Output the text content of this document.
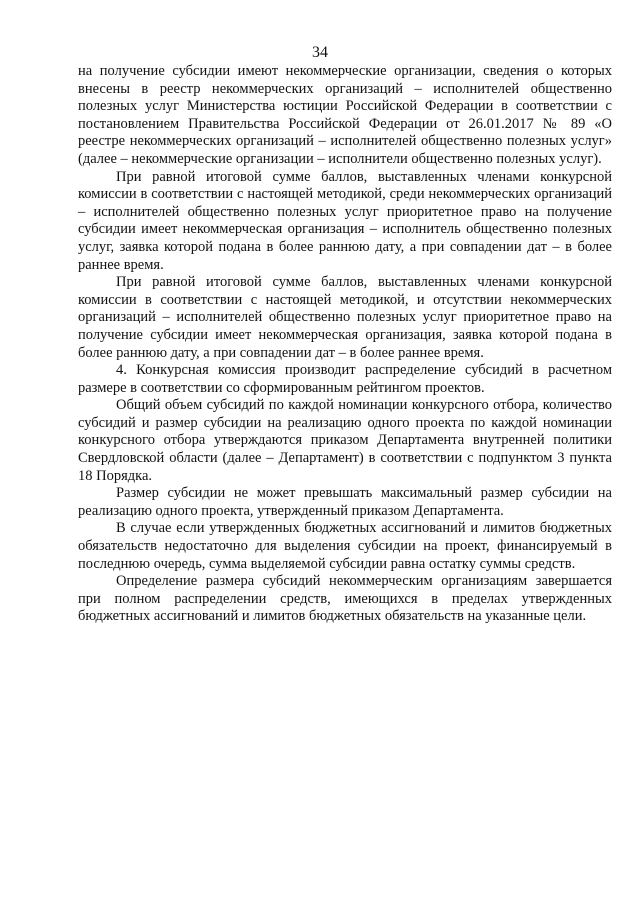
34

на получение субсидии имеют некоммерческие организации, сведения о которых внесены в реестр некоммерческих организаций – исполнителей общественно полезных услуг Министерства юстиции Российской Федерации в соответствии с постановлением Правительства Российской Федерации от 26.01.2017 № 89 «О реестре некоммерческих организаций – исполнителей общественно полезных услуг» (далее – некоммерческие организации – исполнители общественно полезных услуг).

При равной итоговой сумме баллов, выставленных членами конкурсной комиссии в соответствии с настоящей методикой, среди некоммерческих организаций – исполнителей общественно полезных услуг приоритетное право на получение субсидии имеет некоммерческая организация – исполнитель общественно полезных услуг, заявка которой подана в более раннюю дату, а при совпадении дат – в более раннее время.

При равной итоговой сумме баллов, выставленных членами конкурсной комиссии в соответствии с настоящей методикой, и отсутствии некоммерческих организаций – исполнителей общественно полезных услуг приоритетное право на получение субсидии имеет некоммерческая организация, заявка которой подана в более раннюю дату, а при совпадении дат – в более раннее время.

4. Конкурсная комиссия производит распределение субсидий в расчетном размере в соответствии со сформированным рейтингом проектов.

Общий объем субсидий по каждой номинации конкурсного отбора, количество субсидий и размер субсидии на реализацию одного проекта по каждой номинации конкурсного отбора утверждаются приказом Департамента внутренней политики Свердловской области (далее – Департамент) в соответствии с подпунктом 3 пункта 18 Порядка.

Размер субсидии не может превышать максимальный размер субсидии на реализацию одного проекта, утвержденный приказом Департамента.

В случае если утвержденных бюджетных ассигнований и лимитов бюджетных обязательств недостаточно для выделения субсидии на проект, финансируемый в последнюю очередь, сумма выделяемой субсидии равна остатку суммы средств.

Определение размера субсидий некоммерческим организациям завершается при полном распределении средств, имеющихся в пределах утвержденных бюджетных ассигнований и лимитов бюджетных обязательств на указанные цели.
